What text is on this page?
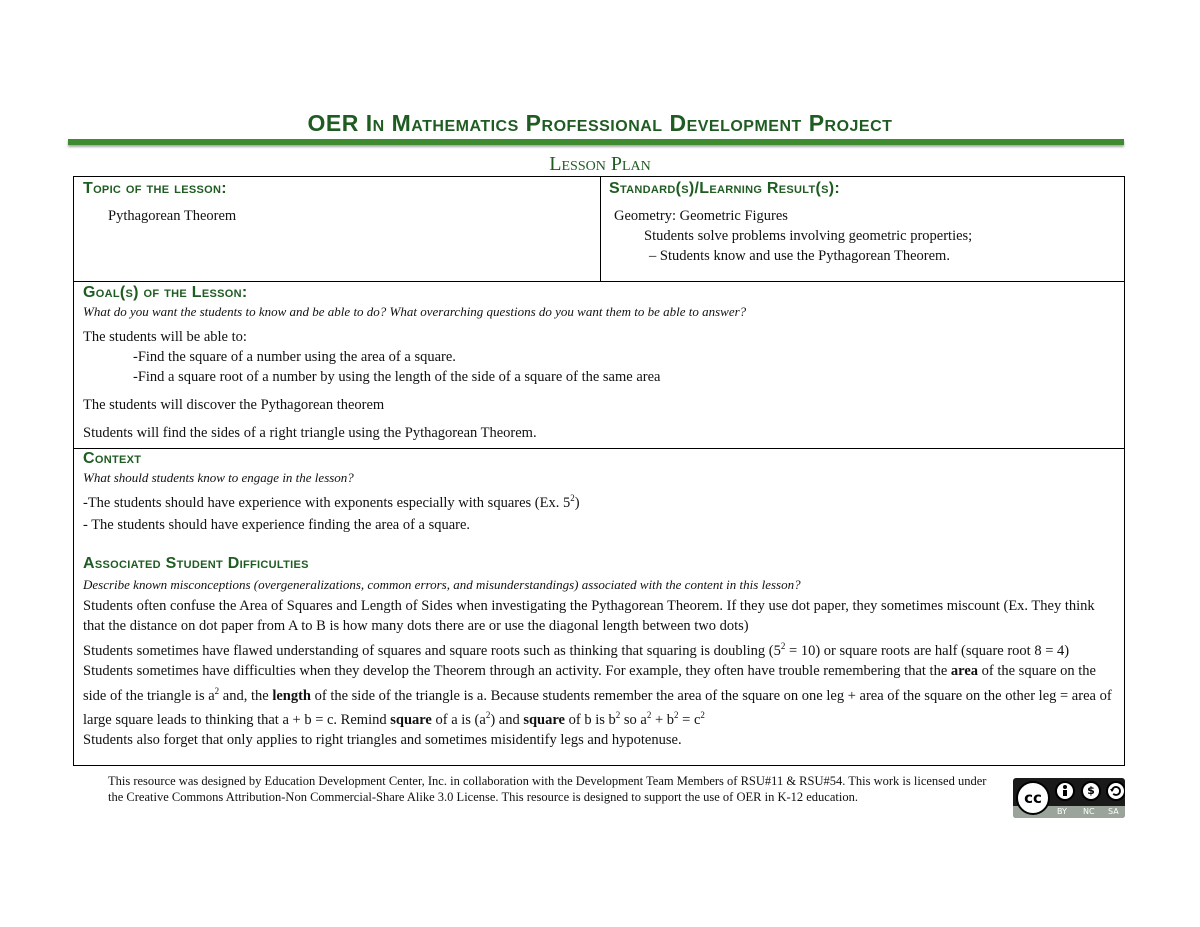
OER In Mathematics Professional Development Project
Lesson Plan
Topic of the lesson:
Pythagorean Theorem
Standard(s)/Learning Result(s):
Geometry: Geometric Figures
Students solve problems involving geometric properties;
– Students know and use the Pythagorean Theorem.
Goal(s) of the Lesson:
What do you want the students to know and be able to do? What overarching questions do you want them to be able to answer?
The students will be able to:
-Find the square of a number using the area of a square.
-Find a square root of a number by using the length of the side of a square of the same area
The students will discover the Pythagorean theorem
Students will find the sides of a right triangle using the Pythagorean Theorem.
Context
What should students know to engage in the lesson?
-The students should have experience with exponents especially with squares (Ex. $5^2$)
- The students should have experience finding the area of a square.
Associated Student Difficulties
Describe known misconceptions (overgeneralizations, common errors, and misunderstandings) associated with the content in this lesson?
Students often confuse the Area of Squares and Length of Sides when investigating the Pythagorean Theorem. If they use dot paper, they sometimes miscount (Ex. They think that the distance on dot paper from A to B is how many dots there are or use the diagonal length between two dots)
Students sometimes have flawed understanding of squares and square roots such as thinking that squaring is doubling $(5^2 = 10)$ or square roots are half (square root 8 = 4)
Students sometimes have difficulties when they develop the Theorem through an activity. For example, they often have trouble remembering that the area of the square on the side of the triangle is $a^2$ and, the length of the side of the triangle is a. Because students remember the area of the square on one leg + area of the square on the other leg = area of large square leads to thinking that a + b = c. Remind square of a is $(a^2)$ and square of b is $b^2$ so $a^2 + b^2 = c^2$
Students also forget that only applies to right triangles and sometimes misidentify legs and hypotenuse.
This resource was designed by Education Development Center, Inc. in collaboration with the Development Team Members of RSU#11 & RSU#54. This work is licensed under the Creative Commons Attribution-Non Commercial-Share Alike 3.0 License. This resource is designed to support the use of OER in K-12 education.	cc	$
BY NC SA
